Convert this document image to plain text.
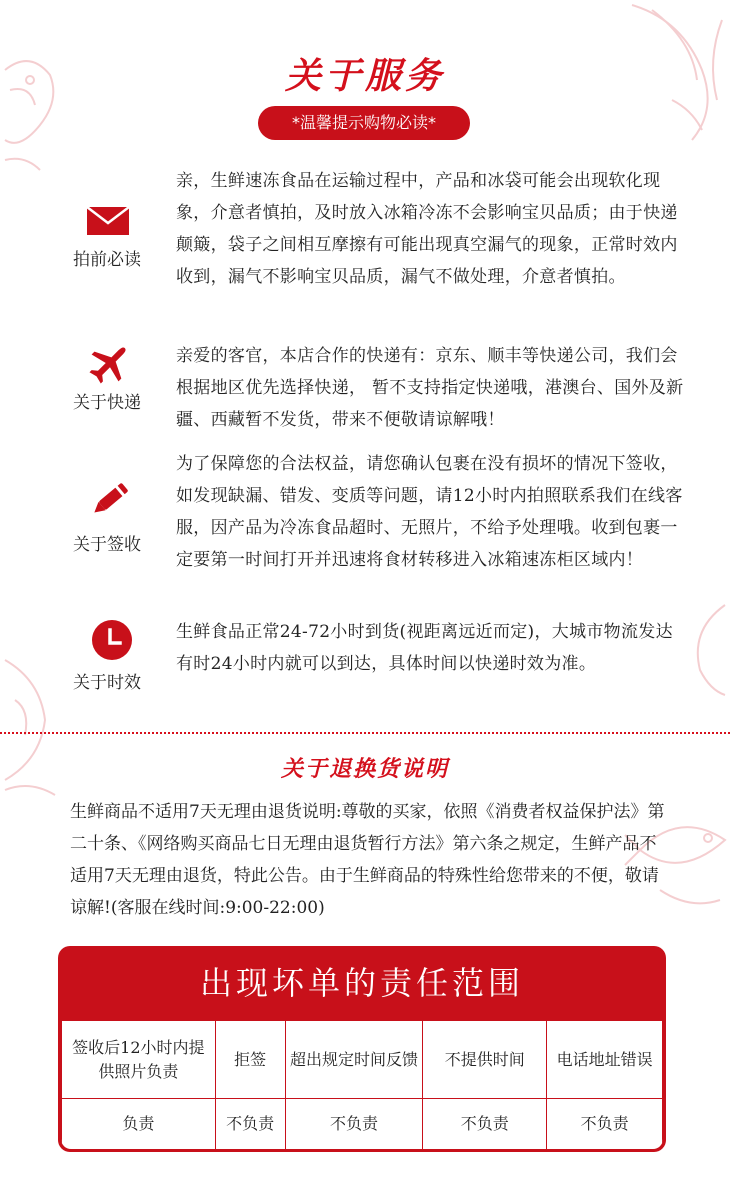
关于服务
*温馨提示购物必读*
拍前必读
亲，生鲜速冻食品在运输过程中，产品和冰袋可能会出现软化现象，介意者慎拍，及时放入冰箱冷冻不会影响宝贝品质；由于快递颠簸，袋子之间相互摩擦有可能出现真空漏气的现象，正常时效内收到，漏气不影响宝贝品质，漏气不做处理，介意者慎拍。
关于快递
亲爱的客官，本店合作的快递有：京东、顺丰等快递公司，我们会根据地区优先选择快递， 暂不支持指定快递哦，港澳台、国外及新疆、西藏暂不发货，带来不便敬请谅解哦！
关于签收
为了保障您的合法权益，请您确认包裹在没有损坏的情况下签收，如发现缺漏、错发、变质等问题，请12小时内拍照联系我们在线客服，因产品为冷冻食品超时、无照片，不给予处理哦。收到包裹一定要第一时间打开并迅速将食材转移进入冰箱速冻柜区域内！
关于时效
生鲜食品正常24-72小时到货(视距离远近而定)，大城市物流发达有时24小时内就可以到达，具体时间以快递时效为准。
关于退换货说明
生鲜商品不适用7天无理由退货说明:尊敬的买家，依照《消费者权益保护法》第二十条、《网络购买商品七日无理由退货暂行方法》第六条之规定，生鲜产品不适用7天无理由退货，特此公告。由于生鲜商品的特殊性给您带来的不便，敬请谅解!(客服在线时间:9:00-22:00)
出现坏单的责任范围
签收后12小时内提供照片负责	拒签	超出规定时间反馈	不提供时间	电话地址错误
负责	不负责	不负责	不负责	不负责
